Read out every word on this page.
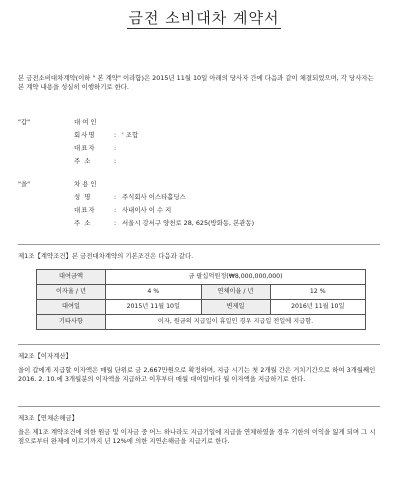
금전 소비대차 계약서
본 금전소비대차계약(이하 " 본 계약" 이라함)은 2015년 11월 10일 아래의 당사자 간에 다음과 같이 체결되었으며, 각 당사자는 본 계약 내용을 성실히 이행하기로 한다.
"갑"	대 여 인
회사명	: ' 조합
대표자	:
주 소	:
"을"	차 용 인
성 명	: 주식회사 이스타홀딩스
대표자	: 사내이사 이 수 지
주 소	: 서울시 강서구 양천로 28, 625(방화동, 본관동)
제1조【계약조건】본 금전대차계약의 기본조건은 다음과 같다.
대여금액	금 팔십억원정(₩8,000,000,000)		
이자율 / 년	4 %	연체이율 / 년	12 %
대여일	2015년 11월 10일	변제일	2016년 11월 10일
기타사항	이자, 원금의 지급일이 휴일인 경우 지급일 전일에 지급함.		
제2조【이자계산】
을이 갑에게 지급할 이자액은 매월 단위로 금 2,667만원으로 확정하며, 지급 시기는 첫 2개월 간은 거치기간으로 하여 3개월째인 2016. 2. 10.에 3개월분의 이자액을 지급하고 이후부터 매월 대여일마다 월 이자액을 지급하기로 한다.
제3조【연체손해금】
을은 제1조 계약조건에 의한 원금 및 이자금 중 어느 하나라도 지급기일에 지급을 연체하였을 경우 기한의 이익을 잃게 되며 그 시점으로부터 완제에 이르기까지 년 12%에 의한 지연손해금을 지급키로 한다.
